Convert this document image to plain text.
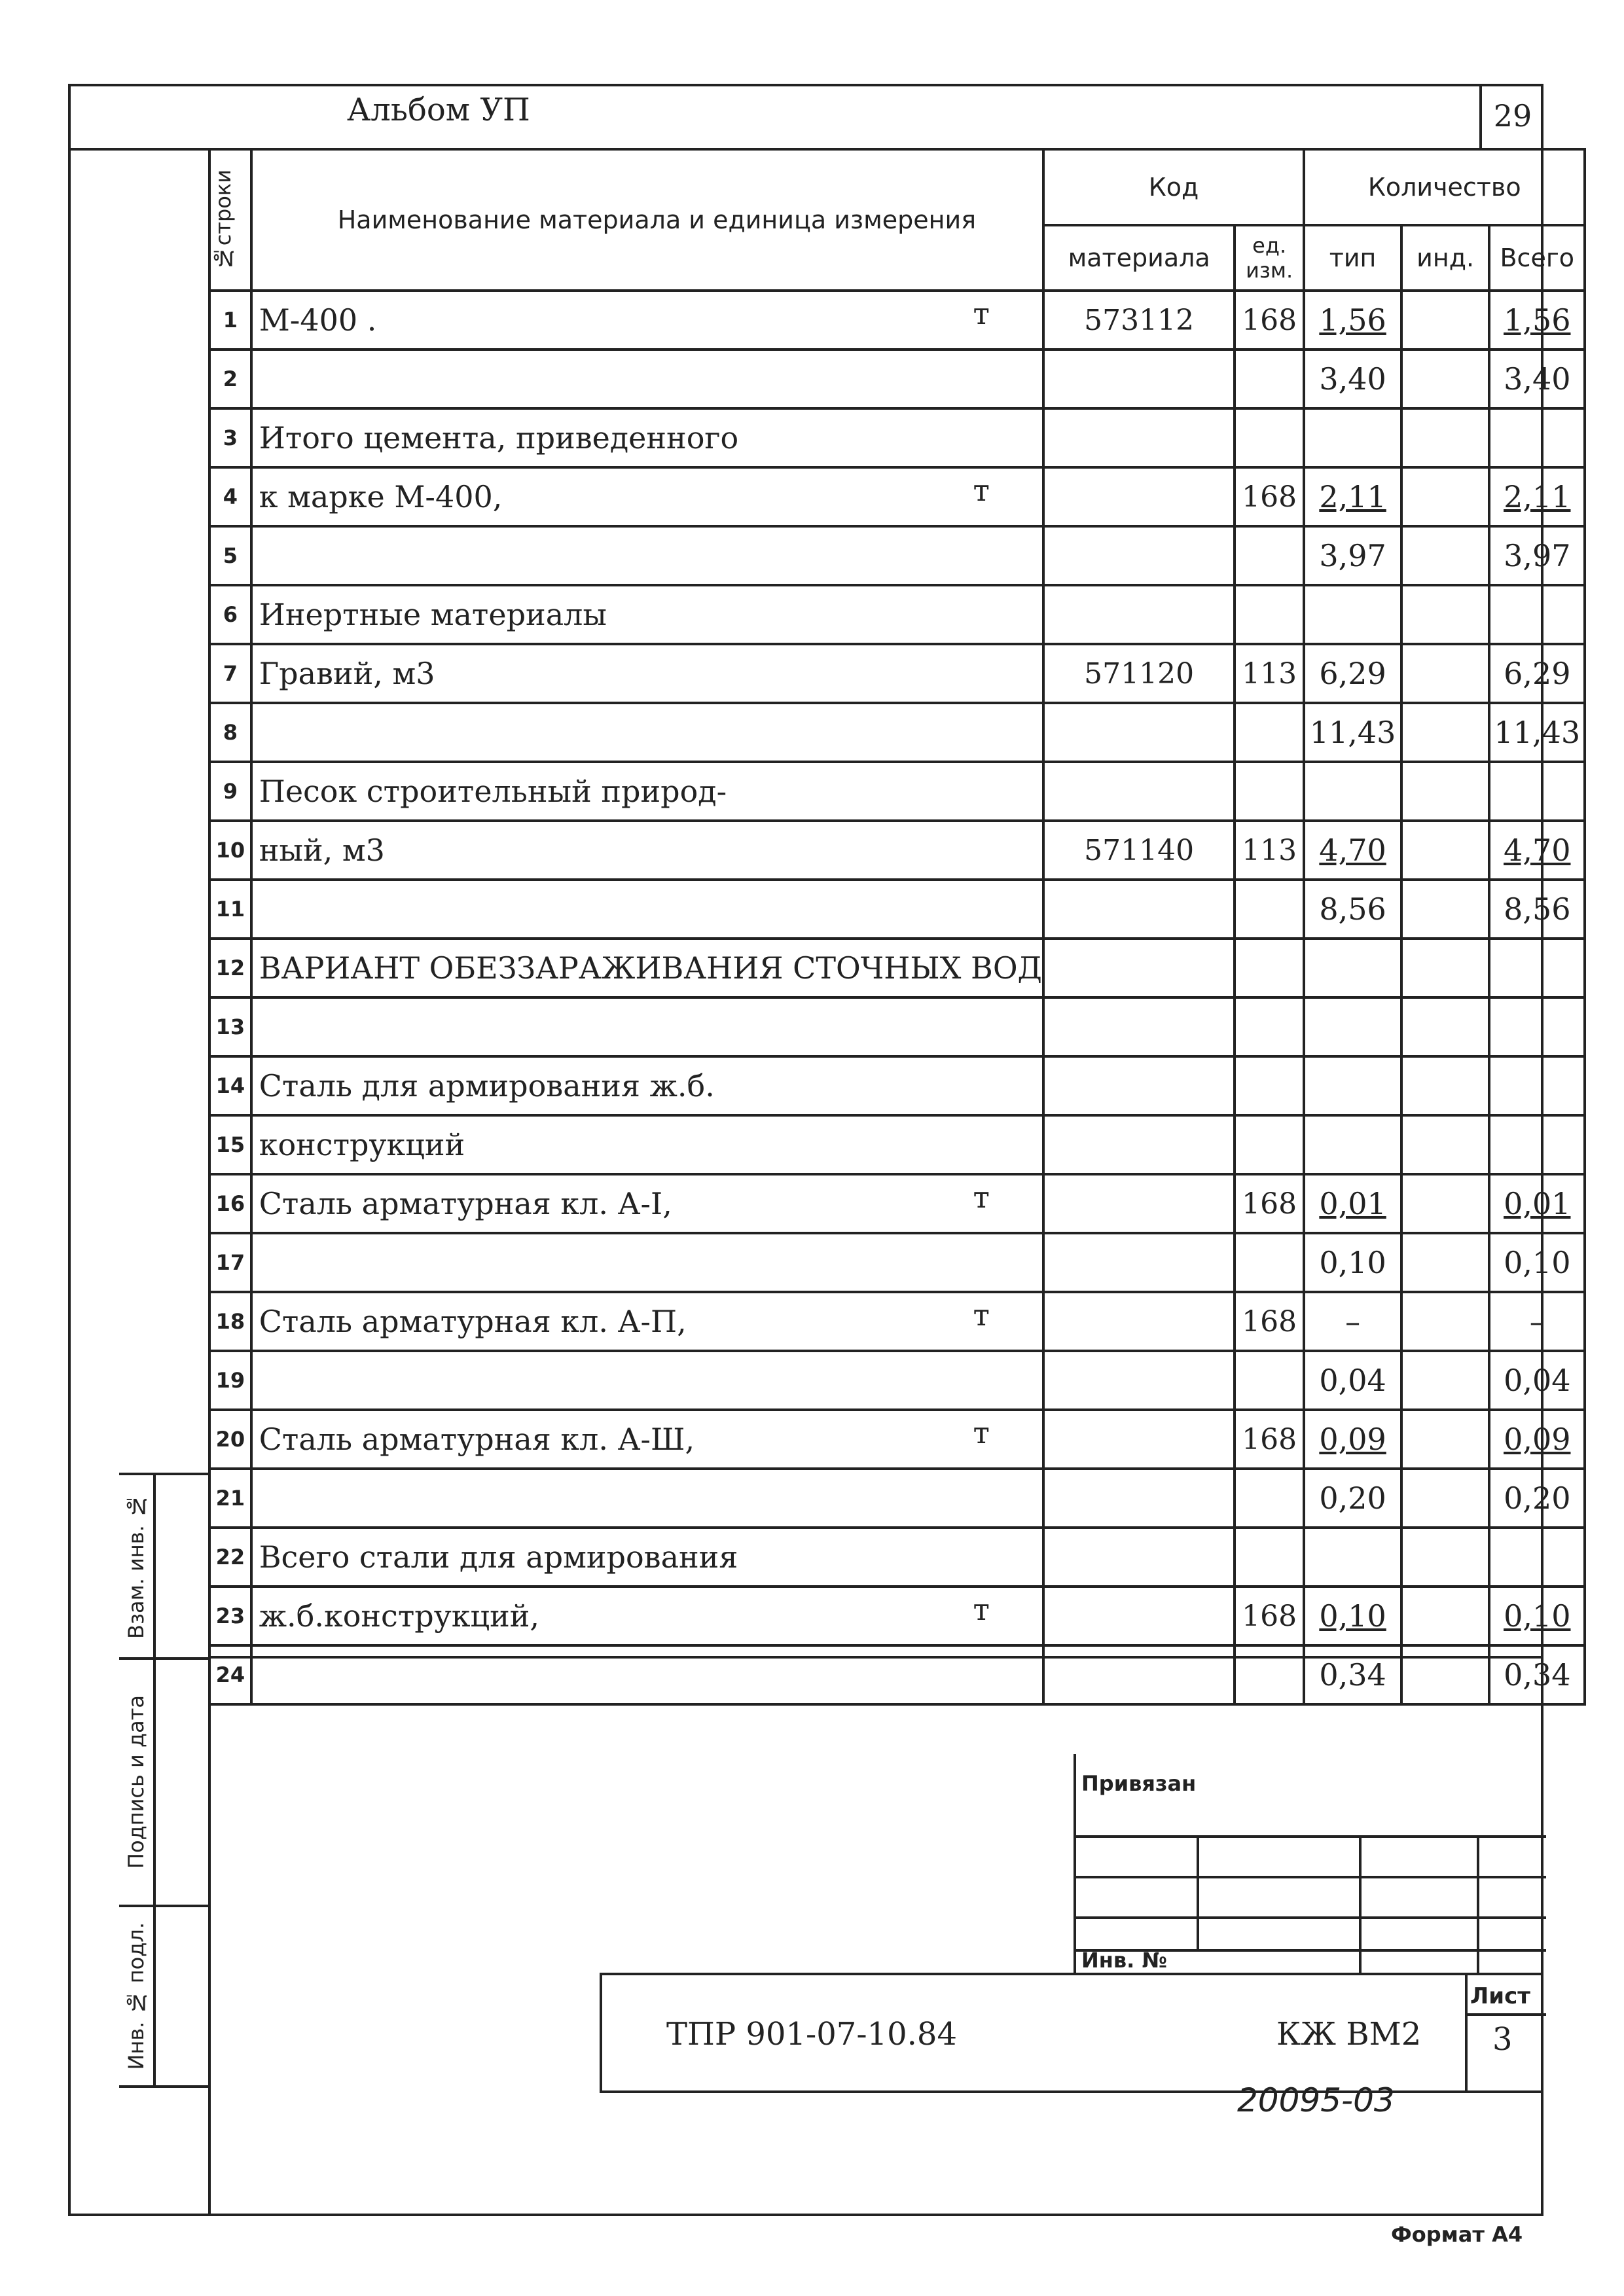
Альбом УП	29
№строки	Наименование материала и единица измерения	Код		Количество			
		материала	ед. изм.	тип	инд.	Всего	
1	М-400 . т	573112	168	1,56		1,56	
2				3,40		3,40	
3	Итого цемента, приведенного						
4	к марке М-400, т		168	2,11		2,11	
5				3,97		3,97	
6	Инертные материалы						
7	Гравий, м3	571120	113	6,29		6,29	
8				11,43		11,43	
9	Песок строительный природ-						
10	ный, м3	571140	113	4,70		4,70	
11				8,56		8,56	
12	ВАРИАНТ ОБЕЗЗАРАЖИВАНИЯ СТОЧНЫХ ВОД						
13							
14	Сталь для армирования ж.б.						
15	конструкций						
16	Сталь арматурная кл. А-I, т		168	0,01		0,01	
17				0,10		0,10	
18	Сталь арматурная кл. А-П, т		168	–		–	
19				0,04		0,04	
20	Сталь арматурная кл. А-Ш, т		168	0,09		0,09	
21				0,20		0,20	
22	Всего стали для армирования						
23	ж.б.конструкций, т		168	0,10		0,10	
24				0,34		0,34	
Взам. инв. №
Подпись и дата
Инв. № подл.
Привязан
Инв. №
ТПР 901-07-10.84	КЖ ВМ2
Лист
3
20095-03
Формат А4
